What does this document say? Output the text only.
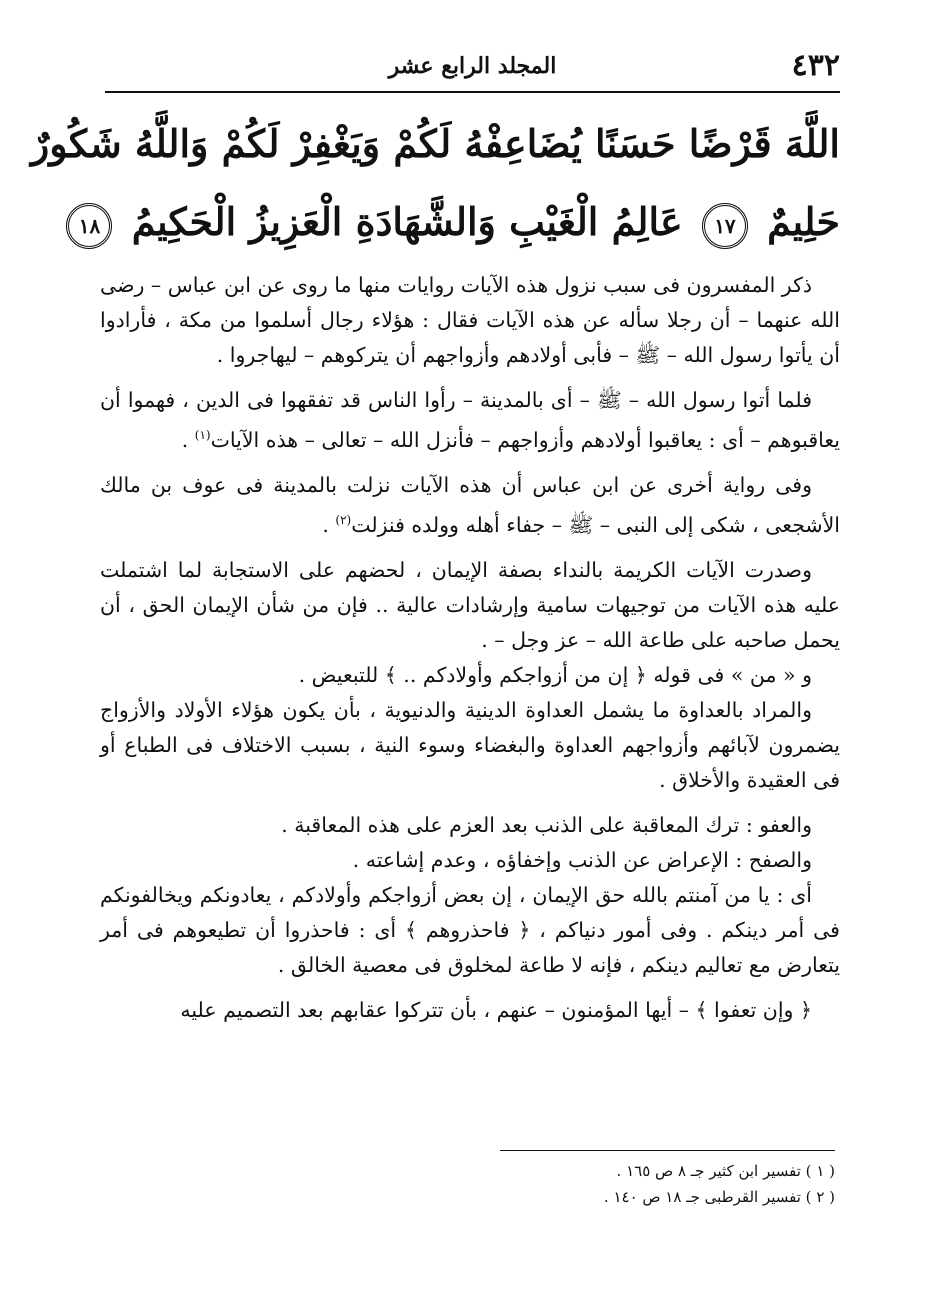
٤٣٢
المجلد الرابع عشر
اللَّهَ قَرْضًا حَسَنًا يُضَاعِفْهُ لَكُمْ وَيَغْفِرْ لَكُمْ وَاللَّهُ شَكُورٌ
حَلِيمٌ ١٧ عَالِمُ الْغَيْبِ وَالشَّهَادَةِ الْعَزِيزُ الْحَكِيمُ ١٨

ذكر المفسرون فى سبب نزول هذه الآيات روايات منها ما روى عن ابن عباس – رضى الله عنهما – أن رجلا سأله عن هذه الآيات فقال : هؤلاء رجال أسلموا من مكة ، فأرادوا أن يأتوا رسول الله – ﷺ – فأبى أولادهم وأزواجهم أن يتركوهم – ليهاجروا .

فلما أتوا رسول الله – ﷺ – أى بالمدينة – رأوا الناس قد تفقهوا فى الدين ، فهموا أن يعاقبوهم – أى : يعاقبوا أولادهم وأزواجهم – فأنزل الله – تعالى – هذه الآيات$^{(١)}$ .

وفى رواية أخرى عن ابن عباس أن هذه الآيات نزلت بالمدينة فى عوف بن مالك الأشجعى ، شكى إلى النبى – ﷺ – جفاء أهله وولده فنزلت$^{(٢)}$ .

وصدرت الآيات الكريمة بالنداء بصفة الإيمان ، لحضهم على الاستجابة لما اشتملت عليه هذه الآيات من توجيهات سامية وإرشادات عالية .. فإن من شأن الإيمان الحق ، أن يحمل صاحبه على طاعة الله – عز وجل – .

و « من » فى قوله ﴿ إن من أزواجكم وأولادكم .. ﴾ للتبعيض .

والمراد بالعداوة ما يشمل العداوة الدينية والدنيوية ، بأن يكون هؤلاء الأولاد والأزواج يضمرون لآبائهم وأزواجهم العداوة والبغضاء وسوء النية ، بسبب الاختلاف فى الطباع أو فى العقيدة والأخلاق .

والعفو : ترك المعاقبة على الذنب بعد العزم على هذه المعاقبة .

والصفح : الإعراض عن الذنب وإخفاؤه ، وعدم إشاعته .

أى : يا من آمنتم بالله حق الإيمان ، إن بعض أزواجكم وأولادكم ، يعادونكم ويخالفونكم فى أمر دينكم . وفى أمور دنياكم ، ﴿ فاحذروهم ﴾ أى : فاحذروا أن تطيعوهم فى أمر يتعارض مع تعاليم دينكم ، فإنه لا طاعة لمخلوق فى معصية الخالق .

﴿ وإن تعفوا ﴾ – أيها المؤمنون – عنهم ، بأن تتركوا عقابهم بعد التصميم عليه

( ١ ) تفسير ابن كثير جـ ٨ ص ١٦٥ .

( ٢ ) تفسير القرطبى جـ ١٨ ص ١٤٠ .
